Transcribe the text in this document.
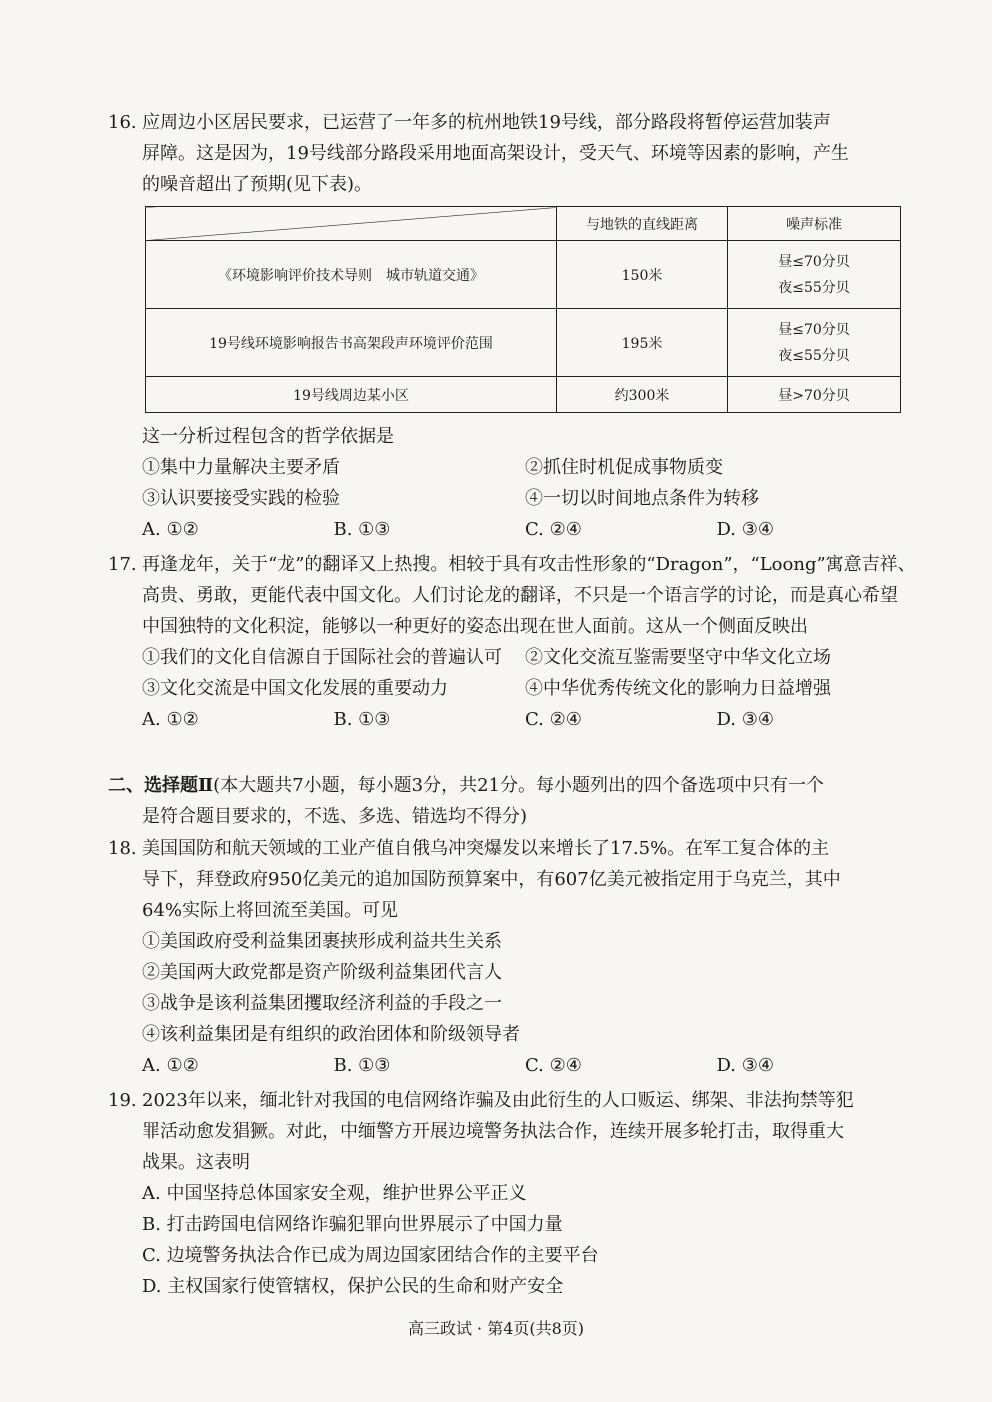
16. 应周边小区居民要求，已运营了一年多的杭州地铁19号线，部分路段将暂停运营加装声
屏障。这是因为，19号线部分路段采用地面高架设计，受天气、环境等因素的影响，产生
的噪音超出了预期(见下表)。
	与地铁的直线距离	噪声标准
《环境影响评价技术导则　城市轨道交通》	150米	昼≤70分贝
夜≤55分贝

19号线环境影响报告书高架段声环境评价范围	195米	昼≤70分贝
夜≤55分贝

19号线周边某小区	约300米	昼>70分贝
这一分析过程包含的哲学依据是
①集中力量解决主要矛盾	②抓住时机促成事物质变
③认识要接受实践的检验	④一切以时间地点条件为转移
A. ①②	B. ①③	C. ②④	D. ③④
17. 再逢龙年，关于“龙”的翻译又上热搜。相较于具有攻击性形象的“Dragon”，“Loong”寓意吉祥、
高贵、勇敢，更能代表中国文化。人们讨论龙的翻译，不只是一个语言学的讨论，而是真心希望
中国独特的文化积淀，能够以一种更好的姿态出现在世人面前。这从一个侧面反映出
①我们的文化自信源自于国际社会的普遍认可	②文化交流互鉴需要坚守中华文化立场
③文化交流是中国文化发展的重要动力	④中华优秀传统文化的影响力日益增强
A. ①②	B. ①③	C. ②④	D. ③④
二、选择题Ⅱ(本大题共7小题，每小题3分，共21分。每小题列出的四个备选项中只有一个
是符合题目要求的，不选、多选、错选均不得分)
18. 美国国防和航天领域的工业产值自俄乌冲突爆发以来增长了17.5%。在军工复合体的主
导下，拜登政府950亿美元的追加国防预算案中，有607亿美元被指定用于乌克兰，其中
64%实际上将回流至美国。可见
①美国政府受利益集团裹挟形成利益共生关系
②美国两大政党都是资产阶级利益集团代言人
③战争是该利益集团攫取经济利益的手段之一
④该利益集团是有组织的政治团体和阶级领导者
A. ①②	B. ①③	C. ②④	D. ③④
19. 2023年以来，缅北针对我国的电信网络诈骗及由此衍生的人口贩运、绑架、非法拘禁等犯
罪活动愈发猖獗。对此，中缅警方开展边境警务执法合作，连续开展多轮打击，取得重大
战果。这表明
A. 中国坚持总体国家安全观，维护世界公平正义
B. 打击跨国电信网络诈骗犯罪向世界展示了中国力量
C. 边境警务执法合作已成为周边国家团结合作的主要平台
D. 主权国家行使管辖权，保护公民的生命和财产安全
高三政试 · 第4页(共8页)
